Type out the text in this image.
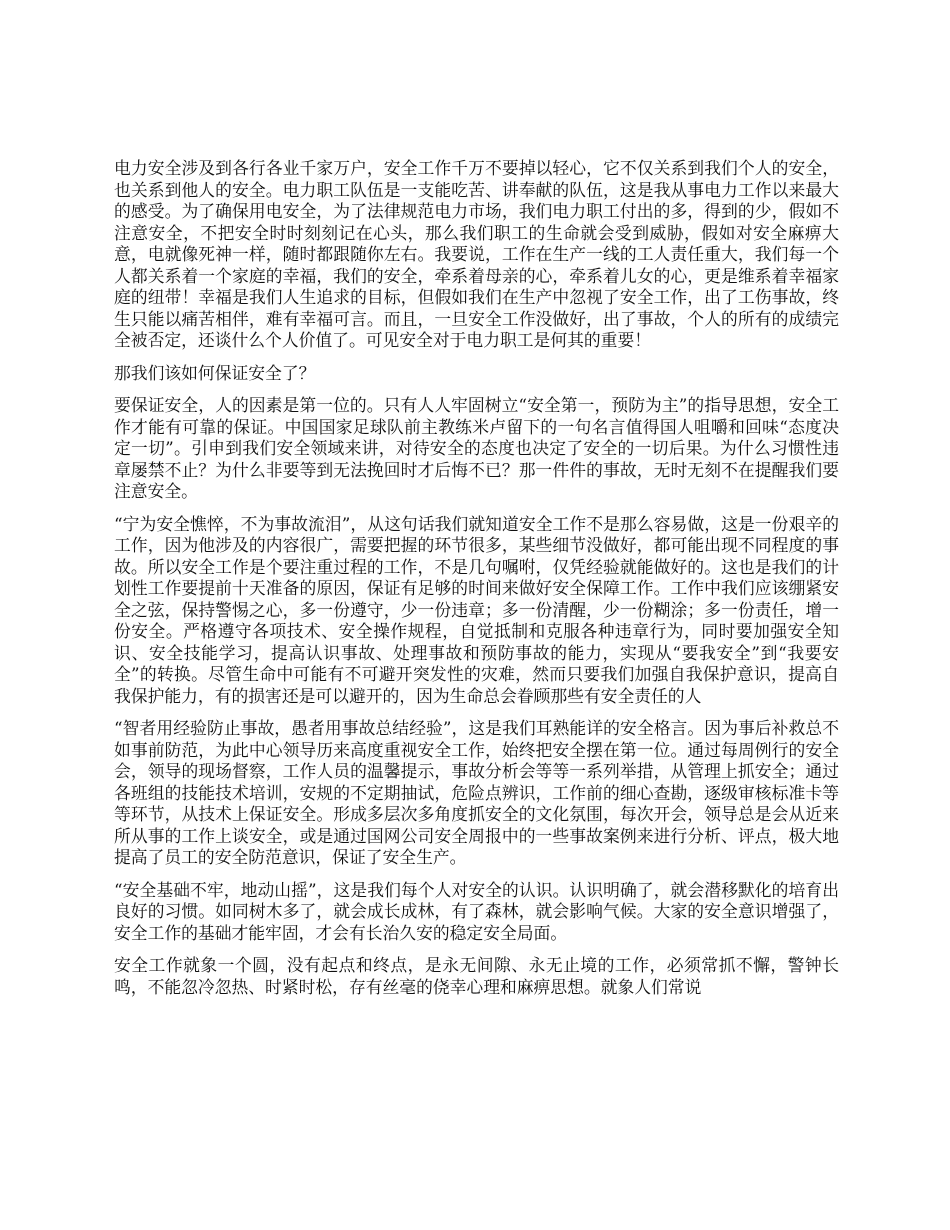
电力安全涉及到各行各业千家万户，安全工作千万不要掉以轻心，它不仅关系到我们个人的安全，也关系到他人的安全。电力职工队伍是一支能吃苦、讲奉献的队伍，这是我从事电力工作以来最大的感受。为了确保用电安全，为了法律规范电力市场，我们电力职工付出的多，得到的少，假如不注意安全，不把安全时时刻刻记在心头，那么我们职工的生命就会受到威胁，假如对安全麻痹大意，电就像死神一样，随时都跟随你左右。我要说，工作在生产一线的工人责任重大，我们每一个人都关系着一个家庭的幸福，我们的安全，牵系着母亲的心，牵系着儿女的心，更是维系着幸福家庭的纽带！幸福是我们人生追求的目标，但假如我们在生产中忽视了安全工作，出了工伤事故，终生只能以痛苦相伴，难有幸福可言。而且，一旦安全工作没做好，出了事故，个人的所有的成绩完全被否定，还谈什么个人价值了。可见安全对于电力职工是何其的重要！

那我们该如何保证安全了？

要保证安全，人的因素是第一位的。只有人人牢固树立“安全第一，预防为主”的指导思想，安全工作才能有可靠的保证。中国国家足球队前主教练米卢留下的一句名言值得国人咀嚼和回味“态度决定一切”。引申到我们安全领域来讲，对待安全的态度也决定了安全的一切后果。为什么习惯性违章屡禁不止？为什么非要等到无法挽回时才后悔不已？那一件件的事故，无时无刻不在提醒我们要注意安全。

“宁为安全憔悴，不为事故流泪”，从这句话我们就知道安全工作不是那么容易做，这是一份艰辛的工作，因为他涉及的内容很广，需要把握的环节很多，某些细节没做好，都可能出现不同程度的事故。所以安全工作是个要注重过程的工作，不是几句嘱咐，仅凭经验就能做好的。这也是我们的计划性工作要提前十天准备的原因，保证有足够的时间来做好安全保障工作。工作中我们应该绷紧安全之弦，保持警惕之心，多一份遵守，少一份违章；多一份清醒，少一份糊涂；多一份责任，增一份安全。严格遵守各项技术、安全操作规程，自觉抵制和克服各种违章行为，同时要加强安全知识、安全技能学习，提高认识事故、处理事故和预防事故的能力，实现从“要我安全”到“我要安全”的转换。尽管生命中可能有不可避开突发性的灾难，然而只要我们加强自我保护意识，提高自我保护能力，有的损害还是可以避开的，因为生命总会眷顾那些有安全责任的人

“智者用经验防止事故，愚者用事故总结经验”，这是我们耳熟能详的安全格言。因为事后补救总不如事前防范，为此中心领导历来高度重视安全工作，始终把安全摆在第一位。通过每周例行的安全会，领导的现场督察，工作人员的温馨提示，事故分析会等等一系列举措，从管理上抓安全；通过各班组的技能技术培训，安规的不定期抽试，危险点辨识，工作前的细心查勘，逐级审核标准卡等等环节，从技术上保证安全。形成多层次多角度抓安全的文化氛围，每次开会，领导总是会从近来所从事的工作上谈安全，或是通过国网公司安全周报中的一些事故案例来进行分析、评点，极大地提高了员工的安全防范意识，保证了安全生产。

“安全基础不牢，地动山摇”，这是我们每个人对安全的认识。认识明确了，就会潜移默化的培育出良好的习惯。如同树木多了，就会成长成林，有了森林，就会影响气候。大家的安全意识增强了，安全工作的基础才能牢固，才会有长治久安的稳定安全局面。

安全工作就象一个圆，没有起点和终点，是永无间隙、永无止境的工作，必须常抓不懈，警钟长鸣，不能忽冷忽热、时紧时松，存有丝毫的侥幸心理和麻痹思想。就象人们常说
